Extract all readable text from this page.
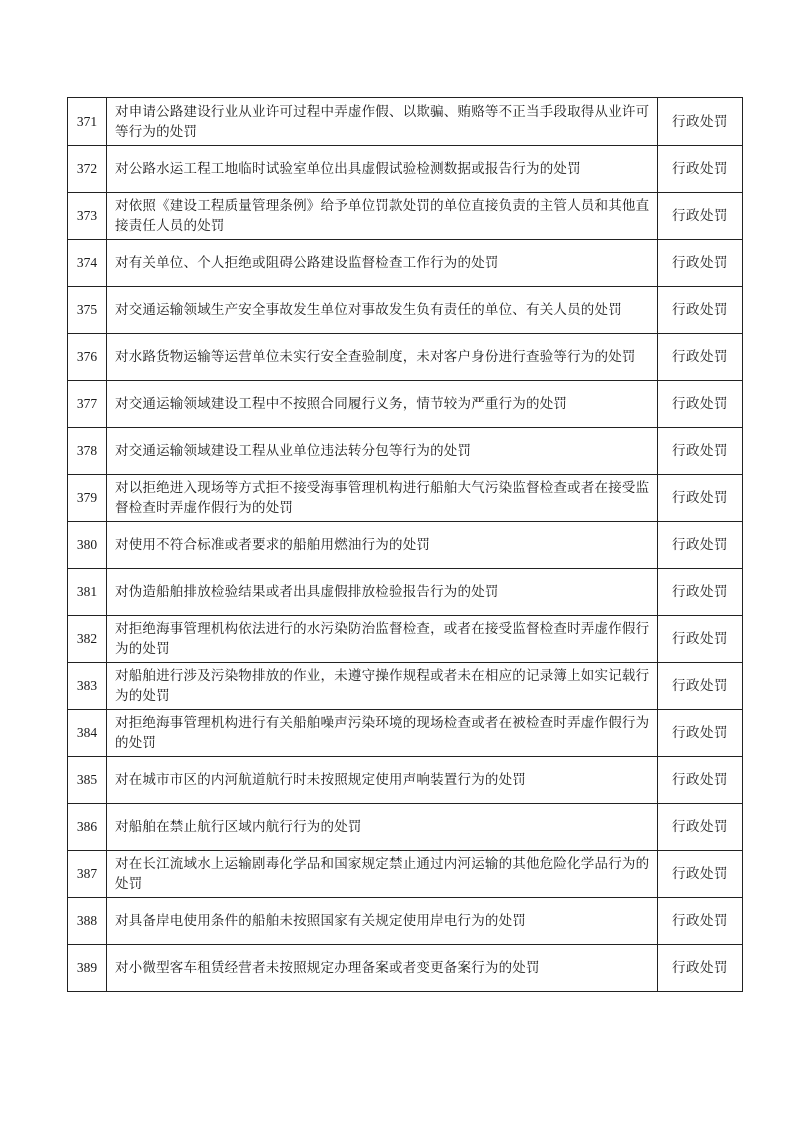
371	对申请公路建设行业从业许可过程中弄虚作假、以欺骗、贿赂等不正当手段取得从业许可等行为的处罚	行政处罚
372	对公路水运工程工地临时试验室单位出具虚假试验检测数据或报告行为的处罚	行政处罚
373	对依照《建设工程质量管理条例》给予单位罚款处罚的单位直接负责的主管人员和其他直接责任人员的处罚	行政处罚
374	对有关单位、个人拒绝或阻碍公路建设监督检查工作行为的处罚	行政处罚
375	对交通运输领域生产安全事故发生单位对事故发生负有责任的单位、有关人员的处罚	行政处罚
376	对水路货物运输等运营单位未实行安全查验制度，未对客户身份进行查验等行为的处罚	行政处罚
377	对交通运输领域建设工程中不按照合同履行义务，情节较为严重行为的处罚	行政处罚
378	对交通运输领域建设工程从业单位违法转分包等行为的处罚	行政处罚
379	对以拒绝进入现场等方式拒不接受海事管理机构进行船舶大气污染监督检查或者在接受监督检查时弄虚作假行为的处罚	行政处罚
380	对使用不符合标准或者要求的船舶用燃油行为的处罚	行政处罚
381	对伪造船舶排放检验结果或者出具虚假排放检验报告行为的处罚	行政处罚
382	对拒绝海事管理机构依法进行的水污染防治监督检查，或者在接受监督检查时弄虚作假行为的处罚	行政处罚
383	对船舶进行涉及污染物排放的作业，未遵守操作规程或者未在相应的记录簿上如实记载行为的处罚	行政处罚
384	对拒绝海事管理机构进行有关船舶噪声污染环境的现场检查或者在被检查时弄虚作假行为的处罚	行政处罚
385	对在城市市区的内河航道航行时未按照规定使用声响装置行为的处罚	行政处罚
386	对船舶在禁止航行区域内航行行为的处罚	行政处罚
387	对在长江流域水上运输剧毒化学品和国家规定禁止通过内河运输的其他危险化学品行为的处罚	行政处罚
388	对具备岸电使用条件的船舶未按照国家有关规定使用岸电行为的处罚	行政处罚
389	对小微型客车租赁经营者未按照规定办理备案或者变更备案行为的处罚	行政处罚
